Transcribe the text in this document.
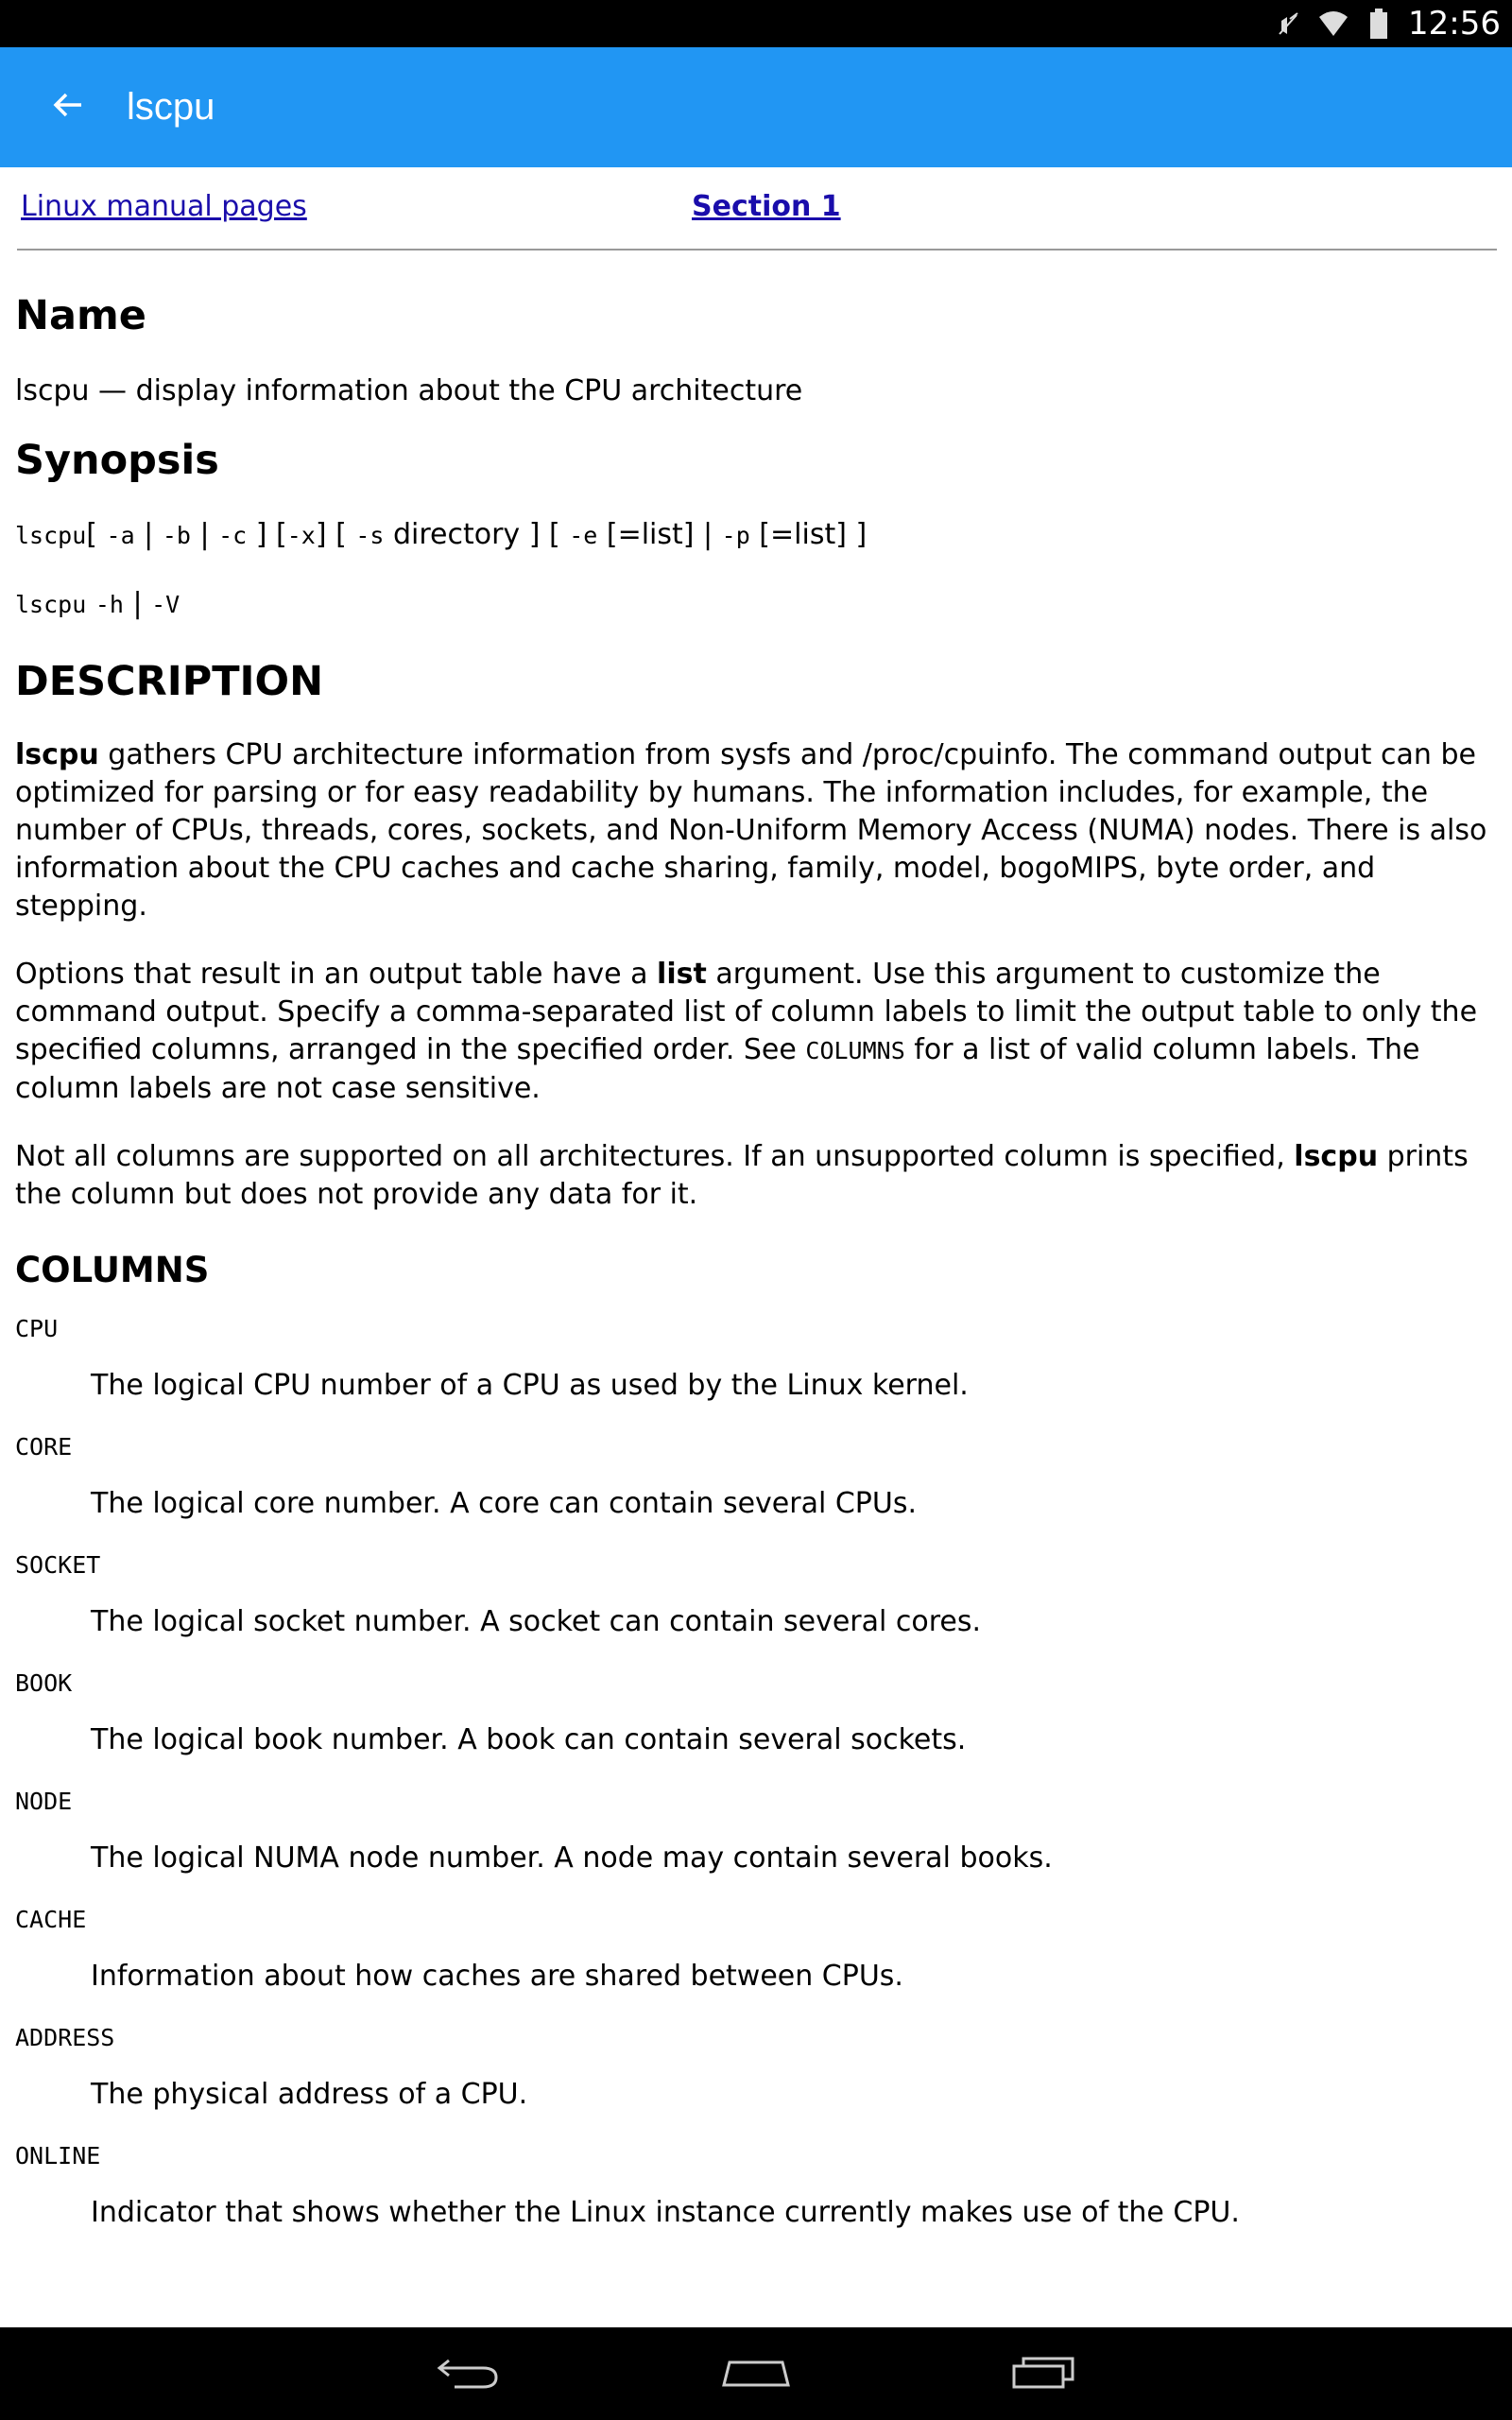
12:56
lscpu
Linux manual pages	Section 1
Name

lscpu — display information about the CPU architecture

Synopsis
lscpu[ -a | -b | -c ] [-x] [ -s directory ] [ -e [=list] | -p [=list] ]
lscpu -h | -V
DESCRIPTION

lscpu gathers CPU architecture information from sysfs and /proc/cpuinfo. The command output can be optimized for parsing or for easy readability by humans. The information includes, for example, the number of CPUs, threads, cores, sockets, and Non-Uniform Memory Access (NUMA) nodes. There is also information about the CPU caches and cache sharing, family, model, bogoMIPS, byte order, and stepping.

Options that result in an output table have a list argument. Use this argument to customize the command output. Specify a comma-separated list of column labels to limit the output table to only the specified columns, arranged in the specified order. See COLUMNS for a list of valid column labels. The column labels are not case sensitive.

Not all columns are supported on all architectures. If an unsupported column is specified, lscpu prints the column but does not provide any data for it.

COLUMNS
CPU
The logical CPU number of a CPU as used by the Linux kernel.
CORE
The logical core number. A core can contain several CPUs.
SOCKET
The logical socket number. A socket can contain several cores.
BOOK
The logical book number. A book can contain several sockets.
NODE
The logical NUMA node number. A node may contain several books.
CACHE
Information about how caches are shared between CPUs.
ADDRESS
The physical address of a CPU.
ONLINE
Indicator that shows whether the Linux instance currently makes use of the CPU.
